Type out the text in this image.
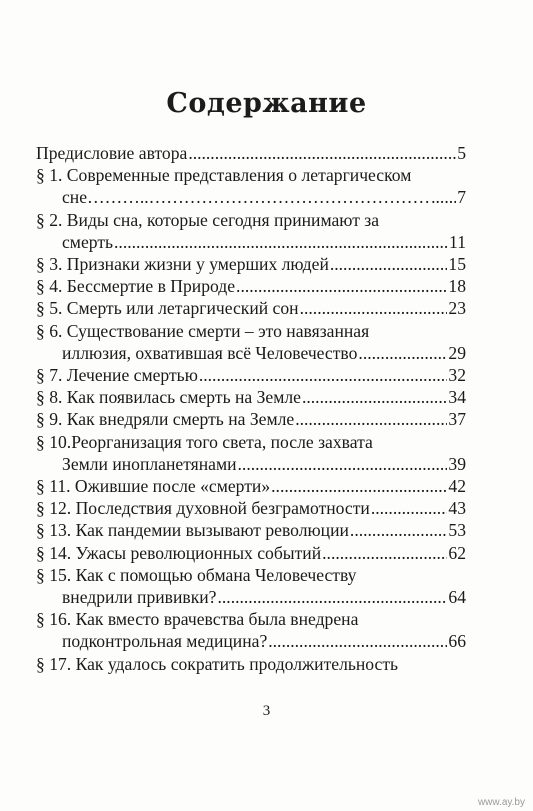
Содержание
Предисловие автора .....	5
§ 1. Современные представления о летаргическом
сне………..………………………………………… ..... 7
§ 2. Виды сна, которые сегодня принимают за
смерть .....	11
§ 3. Признаки жизни у умерших людей .....	15
§ 4. Бессмертие в Природе .....	18
§ 5. Смерть или летаргический сон .....	23
§ 6. Существование смерти – это навязанная
иллюзия, охватившая всё Человечество .....	29
§ 7. Лечение смертью .....	32
§ 8. Как появилась смерть на Земле .....	34
§ 9. Как внедряли смерть на Земле .....	37
§ 10.Реорганизация того света, после захвата
Земли инопланетянами .....	39
§ 11. Ожившие после «смерти» .....	42
§ 12. Последствия духовной безграмотности .....	43
§ 13. Как пандемии вызывают революции .....	53
§ 14. Ужасы революционных событий .....	62
§ 15. Как с помощью обмана Человечеству
внедрили прививки? .....	64
§ 16. Как вместо врачевства была внедрена
подконтрольная медицина? .....	66
§ 17. Как удалось сократить продолжительность
3
www.ay.by
